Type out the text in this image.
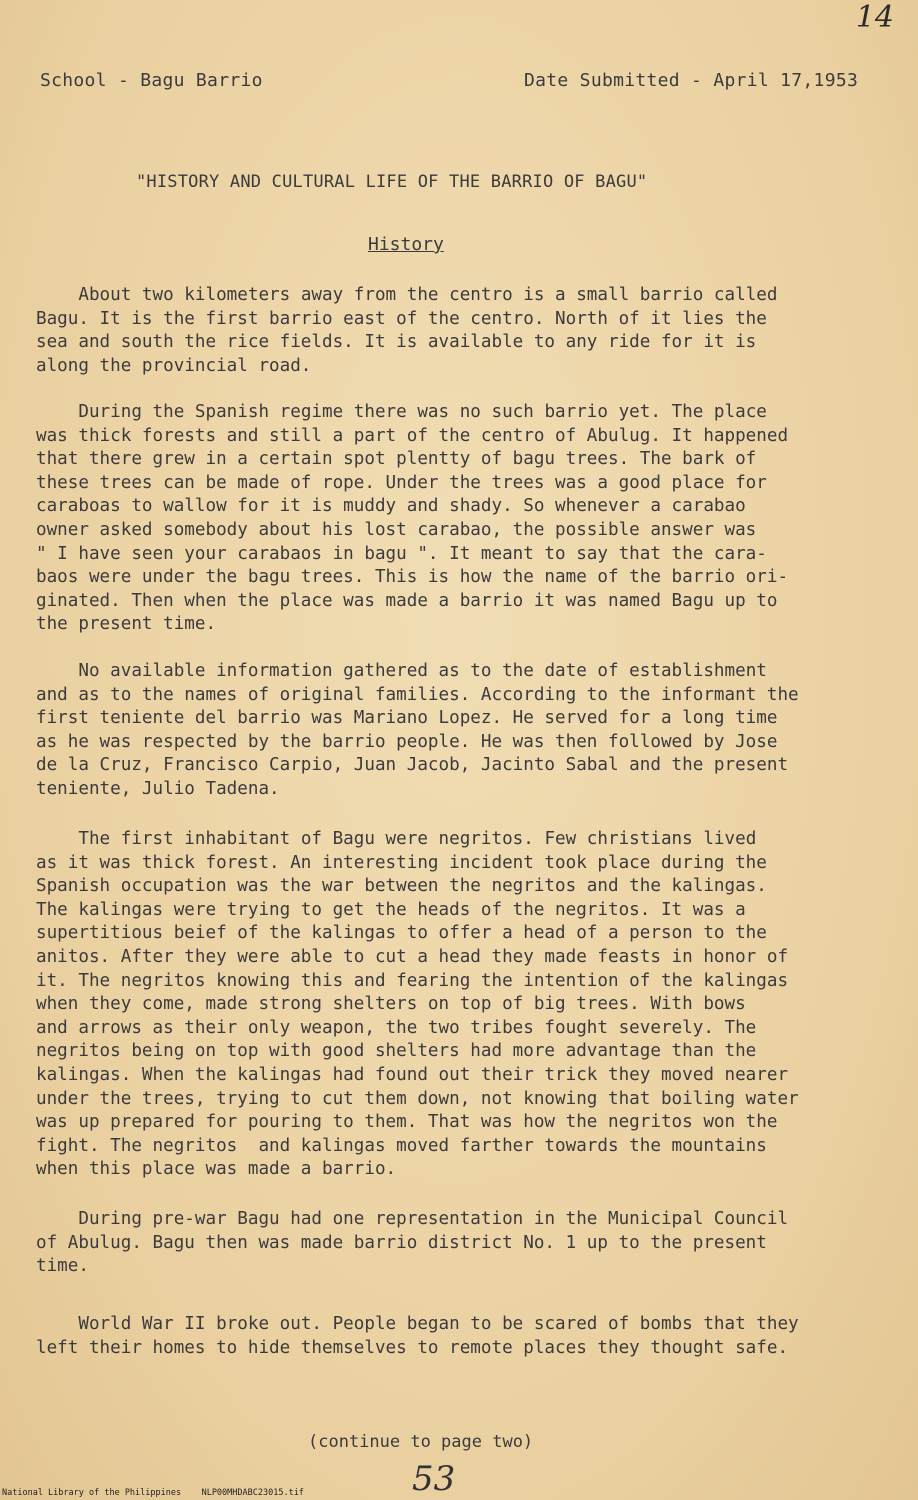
14
School - Bagu Barrio	Date Submitted - April 17,1953
"HISTORY AND CULTURAL LIFE OF THE BARRIO OF BAGU"
History

About two kilometers away from the centro is a small barrio called
Bagu. It is the first barrio east of the centro. North of it lies the
sea and south the rice fields. It is available to any ride for it is
along the provincial road.

During the Spanish regime there was no such barrio yet. The place
was thick forests and still a part of the centro of Abulug. It happened
that there grew in a certain spot plentty of bagu trees. The bark of
these trees can be made of rope. Under the trees was a good place for
caraboas to wallow for it is muddy and shady. So whenever a carabao
owner asked somebody about his lost carabao, the possible answer was
" I have seen your carabaos in bagu ". It meant to say that the cara-
baos were under the bagu trees. This is how the name of the barrio ori-
ginated. Then when the place was made a barrio it was named Bagu up to
the present time.

No available information gathered as to the date of establishment
and as to the names of original families. According to the informant the
first teniente del barrio was Mariano Lopez. He served for a long time
as he was respected by the barrio people. He was then followed by Jose
de la Cruz, Francisco Carpio, Juan Jacob, Jacinto Sabal and the present
teniente, Julio Tadena.

The first inhabitant of Bagu were negritos. Few christians lived
as it was thick forest. An interesting incident took place during the
Spanish occupation was the war between the negritos and the kalingas.
The kalingas were trying to get the heads of the negritos. It was a
supertitious beief of the kalingas to offer a head of a person to the
anitos. After they were able to cut a head they made feasts in honor of
it. The negritos knowing this and fearing the intention of the kalingas
when they come, made strong shelters on top of big trees. With bows
and arrows as their only weapon, the two tribes fought severely. The
negritos being on top with good shelters had more advantage than the
kalingas. When the kalingas had found out their trick they moved nearer
under the trees, trying to cut them down, not knowing that boiling water
was up prepared for pouring to them. That was how the negritos won the
fight. The negritos  and kalingas moved farther towards the mountains
when this place was made a barrio.

During pre-war Bagu had one representation in the Municipal Council
of Abulug. Bagu then was made barrio district No. 1 up to the present
time.

World War II broke out. People began to be scared of bombs that they
left their homes to hide themselves to remote places they thought safe.

(continue to page two)
53
National Library of the Philippines    NLP00MHDABC23015.tif
